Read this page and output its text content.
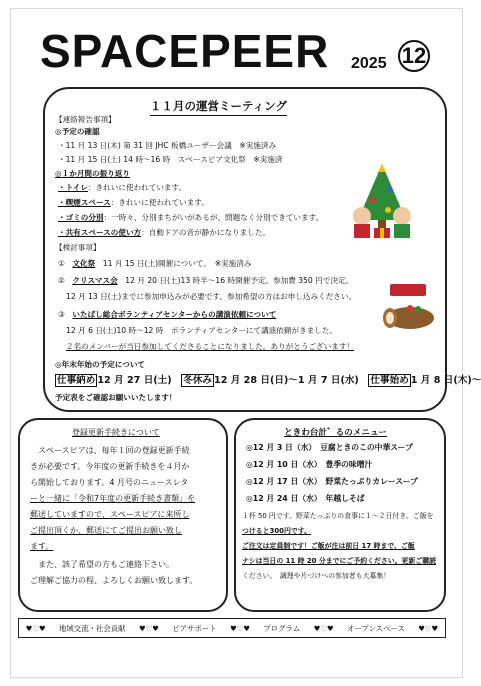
SPACEPEER 2025 12
１１月の運営ミーティング
【連絡報告事項】
◎予定の確認
・11 月 13 日(木) 第 31 回 JHC 板橋ユーザー会議　※実施済み
・11 月 15 日(土) 14 時～16 時　スペースピア文化祭　※実施済
◎１か月間の振り返り
・トイレ：きれいに使われています。
・喫煙スペース：きれいに使われています。
・ゴミの分別：一時々、分別まちがいがあるが、問題なく分別できています。
・共有スペースの使い方：自動ドアの音が静かになりました。
【検討事項】
①　 文化祭　 11 月 15 日(土)開催について、　※実施済み
②　 クリスマス会　 12 月 20 日(土)13 時半～16 時開催予定。参加費 350 円で決定。
12 月 13 日(土)までに参加申込みが必要です。参加希望の方はお申し込みください。
③　 いたばし総合ボランティアセンターからの講演依頼について
12 月 6 日(土)10 時～12 時　ボランティアセンターにて講演依頼がきました。
２名のメンバーが当日参加してくださることになりました。ありがとうございます！
◎年末年始の予定について
仕事納め 12 月 27 日(土)　 冬休み 12 月 28 日(日)～1 月 7 日(水)　 仕事始め 1 月 8 日(木)～
予定表をご確認お願いいたします！
登録更新手続きについて
　スペースピアは、毎年１回の登録更新手続
きが必要です。今年度の更新手続きを４月か
ら開始しております。4 月号のニュースレタ
ーと一緒に「令和7年度の更新手続き書類」を
郵送していますので、スペースピアに来所し
ご提出頂くか、郵送にてご提出お願い致し
ます。
　また、該了希望の方もご連絡下さい。
ご理解ご協力の程、よろしくお願い致します。
ときわ台計゛るのメニュー
◎12 月 3 日（水）　 豆腐ときのこの中華スープ
◎12 月 10 日（水）　 豊季の味噌汁
◎12 月 17 日（水）　 野菜たっぷりカレースープ
◎12 月 24 日（水）　 年越しそば
１杯 50 円です。野菜たっぷりの食事に１～２日付き。ご飯を
つけると300円です。
ご注文は定員制です！ご飯が注は前日 17 時まで、ご飯
ナシは当日の 11 時 20 分までにご予約ください。更新ご購読
ください。　調理や片づけへの参加者も大募集！
♥♡♥ 地域交流・社会貢献 ♥♡♥ ピアサポート ♥♡♥ プログラム ♥♡♥ オープンスペース ♥♡♥
